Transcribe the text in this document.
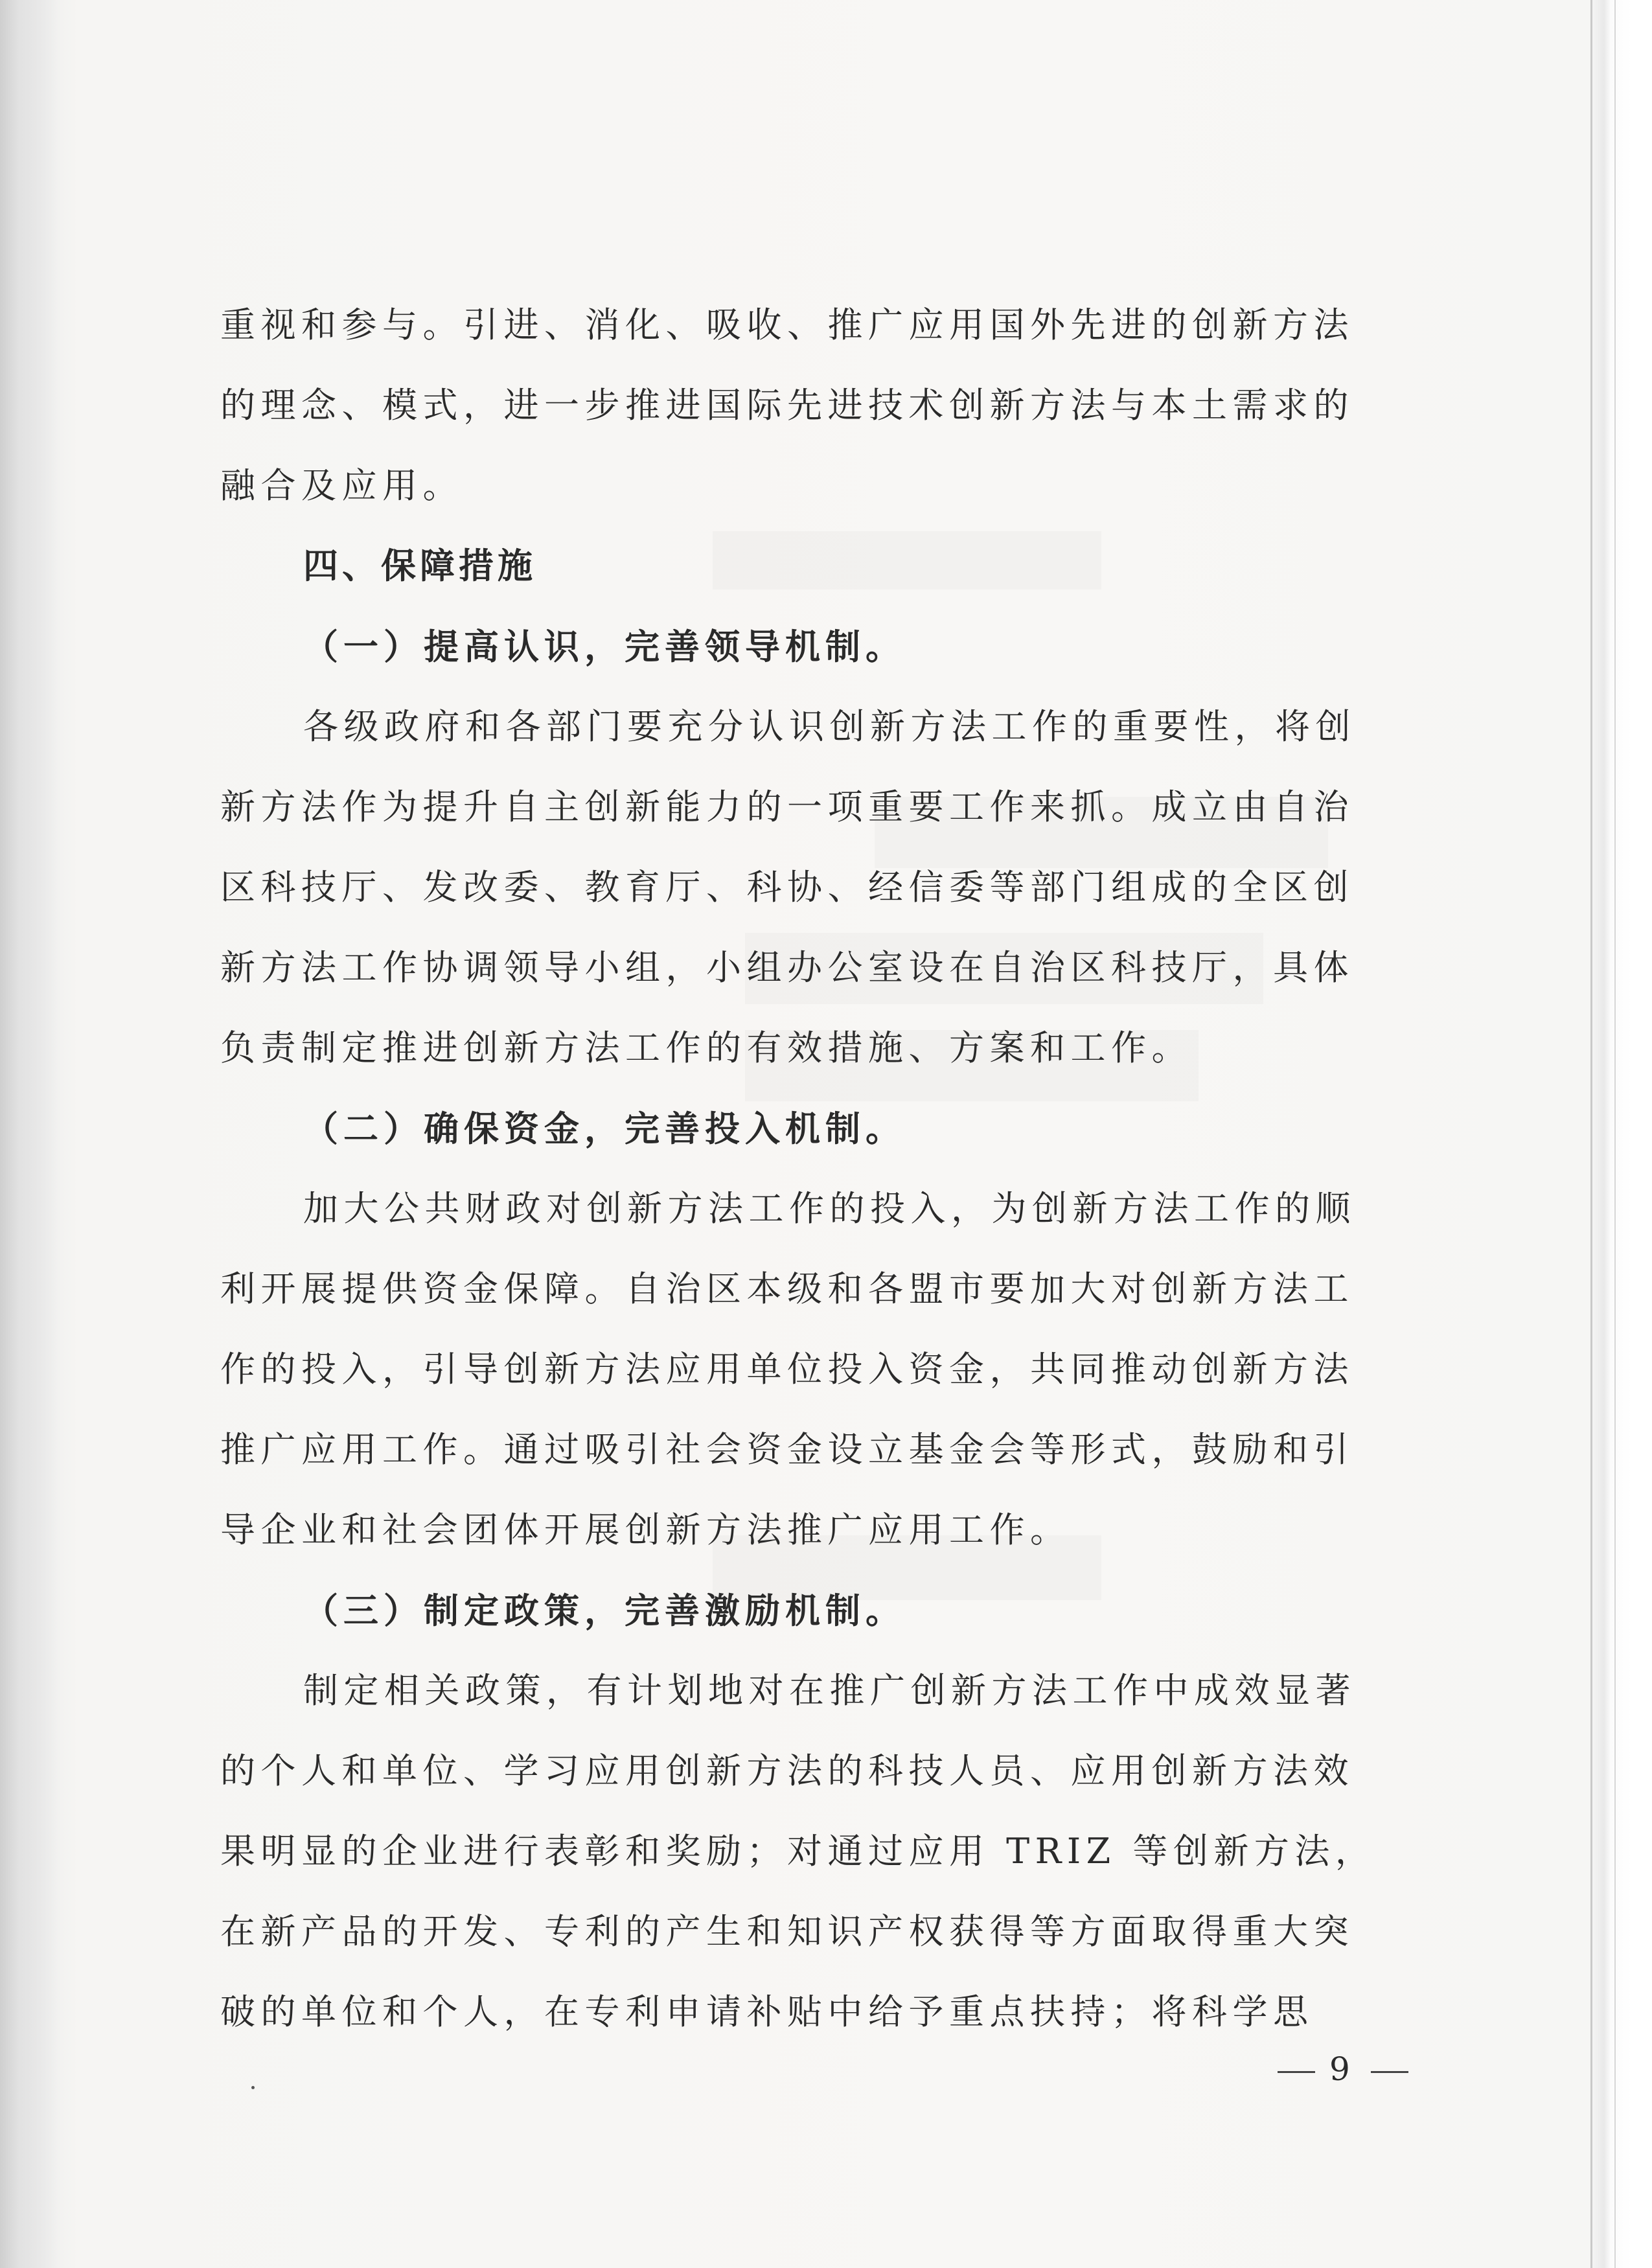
重视和参与。引进、消化、吸收、推广应用国外先进的创新方法
的理念、模式，进一步推进国际先进技术创新方法与本土需求的
融合及应用。
四、保障措施
（一）提高认识，完善领导机制。
各级政府和各部门要充分认识创新方法工作的重要性，将创
新方法作为提升自主创新能力的一项重要工作来抓。成立由自治
区科技厅、发改委、教育厅、科协、经信委等部门组成的全区创
新方法工作协调领导小组，小组办公室设在自治区科技厅，具体
负责制定推进创新方法工作的有效措施、方案和工作。
（二）确保资金，完善投入机制。
加大公共财政对创新方法工作的投入，为创新方法工作的顺
利开展提供资金保障。自治区本级和各盟市要加大对创新方法工
作的投入，引导创新方法应用单位投入资金，共同推动创新方法
推广应用工作。通过吸引社会资金设立基金会等形式，鼓励和引
导企业和社会团体开展创新方法推广应用工作。
（三）制定政策，完善激励机制。
制定相关政策，有计划地对在推广创新方法工作中成效显著
的个人和单位、学习应用创新方法的科技人员、应用创新方法效
果明显的企业进行表彰和奖励；对通过应用 TRIZ 等创新方法，
在新产品的开发、专利的产生和知识产权获得等方面取得重大突
破的单位和个人，在专利申请补贴中给予重点扶持；将科学思
9
